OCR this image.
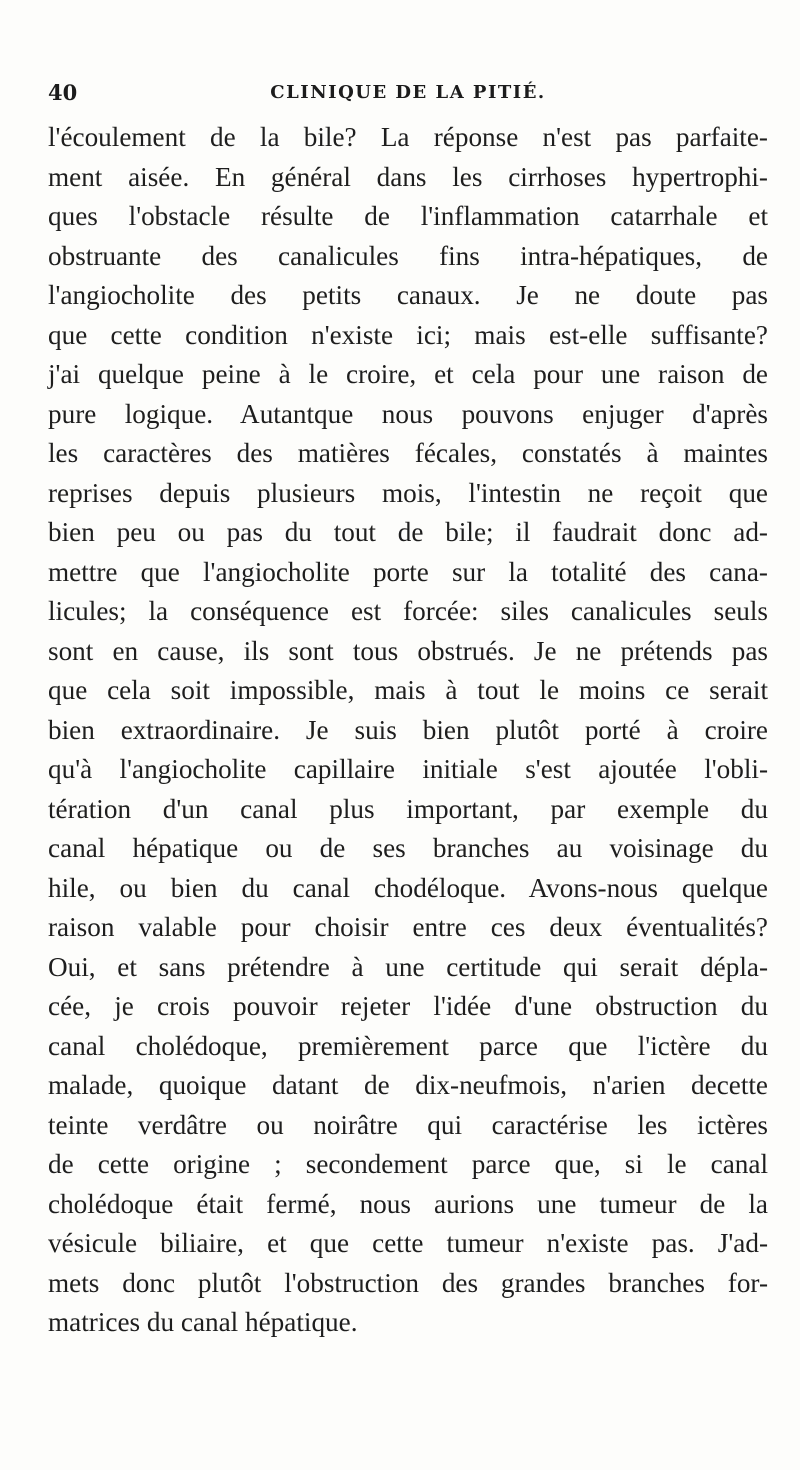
40	CLINIQUE DE LA PITIÉ.
l'écoulement de la bile? La réponse n'est pas parfaite-
ment aisée. En général dans les cirrhoses hypertrophi-
ques l'obstacle résulte de l'inflammation catarrhale et
obstruante des canalicules fins intra-hépatiques, de
l'angiocholite des petits canaux. Je ne doute pas
que cette condition n'existe ici; mais est-elle suffisante?
j'ai quelque peine à le croire, et cela pour une raison de
pure logique. Autantque nous pouvons enjuger d'après
les caractères des matières fécales, constatés à maintes
reprises depuis plusieurs mois, l'intestin ne reçoit que
bien peu ou pas du tout de bile; il faudrait donc ad-
mettre que l'angiocholite porte sur la totalité des cana-
licules; la conséquence est forcée: siles canalicules seuls
sont en cause, ils sont tous obstrués. Je ne prétends pas
que cela soit impossible, mais à tout le moins ce serait
bien extraordinaire. Je suis bien plutôt porté à croire
qu'à l'angiocholite capillaire initiale s'est ajoutée l'obli-
tération d'un canal plus important, par exemple du
canal hépatique ou de ses branches au voisinage du
hile, ou bien du canal chodéloque. Avons-nous quelque
raison valable pour choisir entre ces deux éventualités?
Oui, et sans prétendre à une certitude qui serait dépla-
cée, je crois pouvoir rejeter l'idée d'une obstruction du
canal cholédoque, premièrement parce que l'ictère du
malade, quoique datant de dix-neufmois, n'arien decette
teinte verdâtre ou noirâtre qui caractérise les ictères
de cette origine ; secondement parce que, si le canal
cholédoque était fermé, nous aurions une tumeur de la
vésicule biliaire, et que cette tumeur n'existe pas. J'ad-
mets donc plutôt l'obstruction des grandes branches for-
matrices du canal hépatique.
